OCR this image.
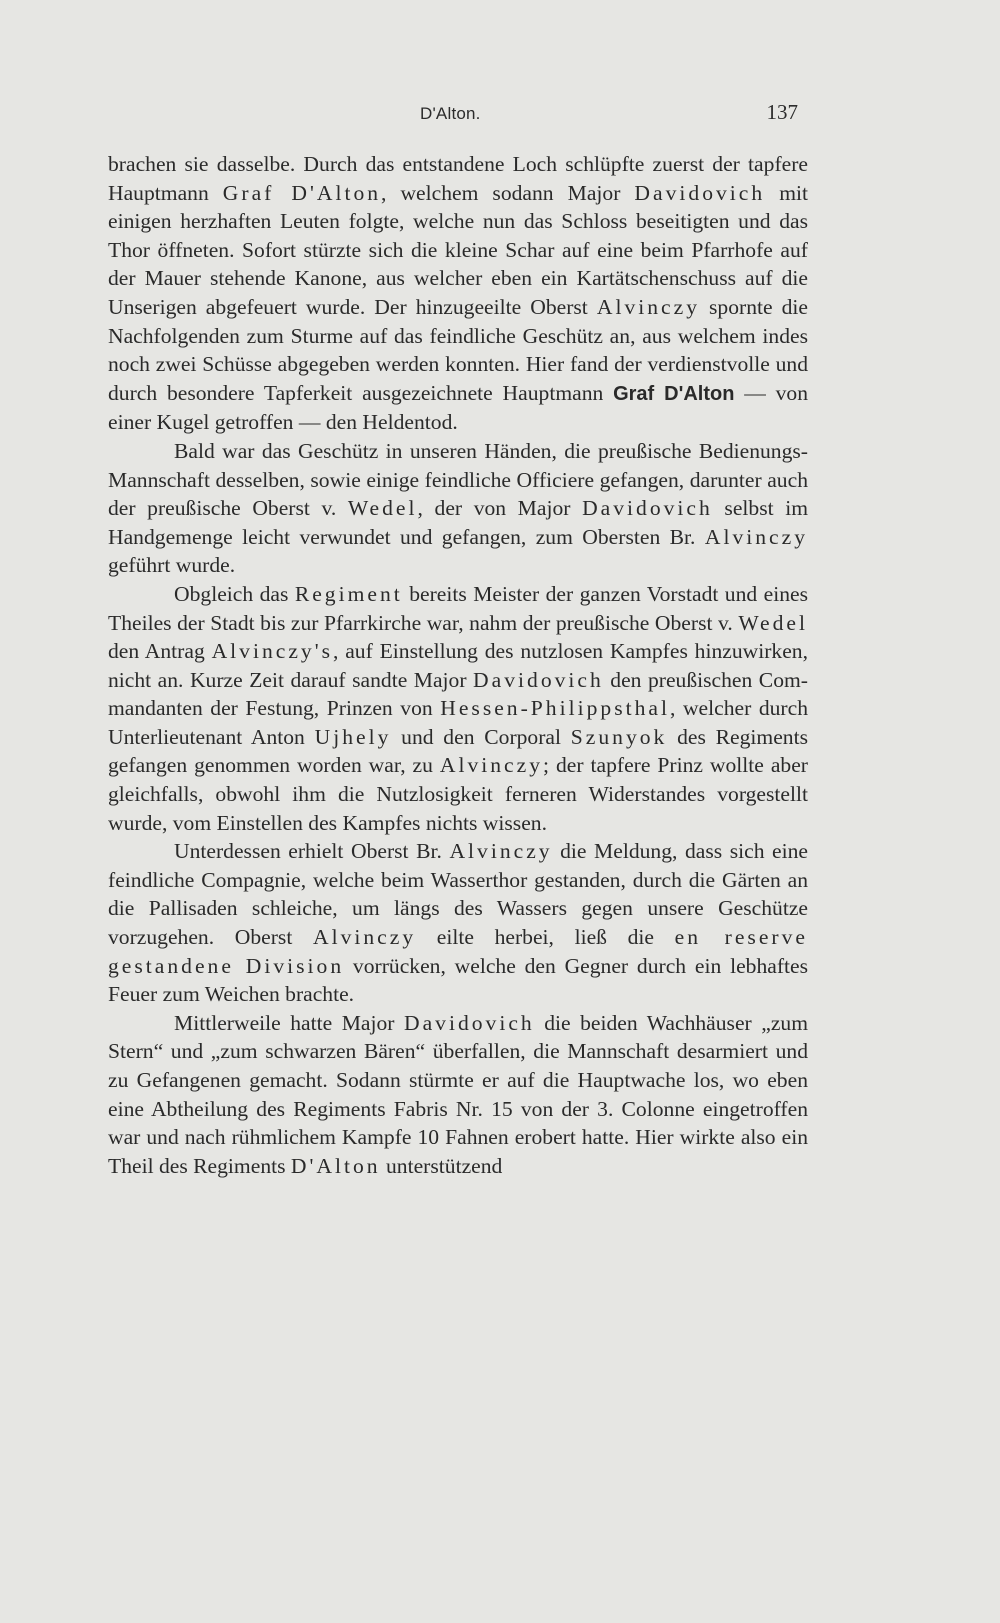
D'Alton.	137

brachen sie dasselbe. Durch das entstandene Loch schlüpfte zuerst der tapfere Hauptmann Graf D'Alton, welchem sodann Major Davidovich mit einigen herzhaften Leuten folgte, welche nun das Schloss beseitigten und das Thor öffneten. Sofort stürzte sich die kleine Schar auf eine beim Pfarrhofe auf der Mauer stehende Kanone, aus welcher eben ein Kartätschenschuss auf die Unserigen abgefeuert wurde. Der hinzugeeilte Oberst Alvinczy spornte die Nachfolgenden zum Sturme auf das feindliche Geschütz an, aus welchem indes noch zwei Schüsse abgegeben werden konnten. Hier fand der verdienstvolle und durch besondere Tapferkeit ausgezeichnete Hauptmann Graf D'Alton — von einer Kugel getroffen — den Heldentod.

Bald war das Geschütz in unseren Händen, die preußische Bedienungs-Mannschaft desselben, sowie einige feindliche Officiere gefangen, darunter auch der preußische Oberst v. Wedel, der von Major Davidovich selbst im Handgemenge leicht verwundet und gefangen, zum Obersten Br. Alvinczy geführt wurde.

Obgleich das Regiment bereits Meister der ganzen Vorstadt und eines Theiles der Stadt bis zur Pfarrkirche war, nahm der preußische Oberst v. Wedel den Antrag Alvinczy's, auf Einstellung des nutzlosen Kampfes hinzuwirken, nicht an. Kurze Zeit darauf sandte Major Davidovich den preußischen Commandanten der Festung, Prinzen von Hessen-Philippsthal, welcher durch Unterlieutenant Anton Ujhely und den Corporal Szunyok des Regiments gefangen genommen worden war, zu Alvinczy; der tapfere Prinz wollte aber gleichfalls, obwohl ihm die Nutzlosigkeit ferneren Widerstandes vorgestellt wurde, vom Einstellen des Kampfes nichts wissen.

Unterdessen erhielt Oberst Br. Alvinczy die Meldung, dass sich eine feindliche Compagnie, welche beim Wasserthor gestanden, durch die Gärten an die Pallisaden schleiche, um längs des Wassers gegen unsere Geschütze vorzugehen. Oberst Alvinczy eilte herbei, ließ die en reserve gestandene Division vorrücken, welche den Gegner durch ein lebhaftes Feuer zum Weichen brachte.

Mittlerweile hatte Major Davidovich die beiden Wachhäuser „zum Stern“ und „zum schwarzen Bären“ überfallen, die Mannschaft desarmiert und zu Gefangenen gemacht. Sodann stürmte er auf die Hauptwache los, wo eben eine Abtheilung des Regiments Fabris Nr. 15 von der 3. Colonne eingetroffen war und nach rühmlichem Kampfe 10 Fahnen erobert hatte. Hier wirkte also ein Theil des Regiments D'Alton unterstützend
